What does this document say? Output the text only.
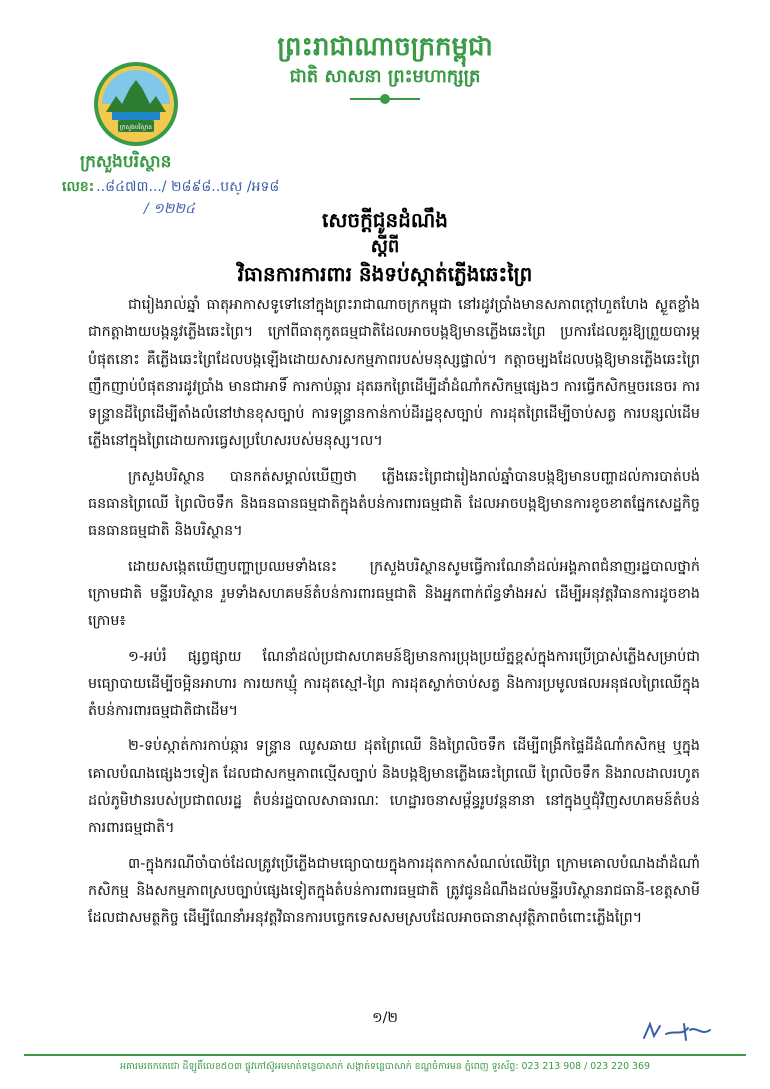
ព្រះរាជាណាចក្រកម្ពុជា
ជាតិ សាសនា ព្រះមហាក្សត្រ
ក្រសួងបរិស្ថាន
ក្រសួងបរិស្ថាន
លេខ: ..៨៤៧៣.../ ២៨៩៨..បស្ /អទ៨
/ ១២២៤	សេចក្តីជូនដំណឹង
ស្តីពី
វិធានការការពារ និងទប់ស្កាត់ភ្លើងឆេះព្រៃ

ជារៀងរាល់ឆ្នាំ ធាតុអាកាសទូទៅនៅក្នុងព្រះរាជាណាចក្រកម្ពុជា នៅរដូវប្រាំងមានសភាពក្តៅហួតហែង ស្ងួតខ្លាំង ជាកត្តាងាយបង្កនូវភ្លើងឆេះព្រៃ។ ក្រៅពីធាតុកូតធម្មជាតិដែលអាចបង្កឱ្យមានភ្លើងឆេះព្រៃ ប្រការដែលគួរឱ្យព្រួយបារម្ភបំផុតនោះ គឺភ្លើងឆេះព្រៃដែលបង្កឡើងដោយសារសកម្មភាពរបស់មនុស្សផ្ទាល់។ កត្តាចម្បងដែលបង្កឱ្យមានភ្លើងឆេះព្រៃញឹកញាប់បំផុតនារដូវប្រាំង មានជាអាទិ៍ ការកាប់ឆ្ការ ដុតឆកព្រៃដើម្បីដាំដំណាំកសិកម្មផ្សេងៗ ការធ្វើកសិកម្មចរនេចរ ការទន្ទ្រានដីព្រៃដើម្បីតាំងលំនៅឋានខុសច្បាប់ ការទន្ទ្រានកាន់កាប់ដីរដ្ឋខុសច្បាប់ ការដុតព្រៃដើម្បីចាប់សត្វ ការបន្សល់ដើមភ្លើងនៅក្នុងព្រៃដោយការធ្វេសប្រហែសរបស់មនុស្ស។ល។

ក្រសួងបរិស្ថាន បានកត់សម្គាល់ឃើញថា ភ្លើងឆេះព្រៃជារៀងរាល់ឆ្នាំបានបង្កឱ្យមានបញ្ហាដល់ការបាត់បង់ធនធានព្រៃឈើ ព្រៃលិចទឹក និងធនធានធម្មជាតិក្នុងតំបន់ការពារធម្មជាតិ ដែលអាចបង្កឱ្យមានការខូចខាតផ្នែកសេដ្ឋកិច្ច ធនធានធម្មជាតិ និងបរិស្ថាន។

ដោយសង្កេតឃើញបញ្ហាប្រឈមទាំងនេះ ក្រសួងបរិស្ថានសូមធ្វើការណែនាំដល់អង្គភាពជំនាញរដ្ឋបាលថ្នាក់ក្រោមជាតិ មន្ទីរបរិស្ថាន រួមទាំងសហគមន៍តំបន់ការពារធម្មជាតិ និងអ្នកពាក់ព័ន្ធទាំងអស់ ដើម្បីអនុវត្តវិធានការដូចខាងក្រោម៖

១-អប់រំ ផ្សព្វផ្សាយ ណែនាំដល់ប្រជាសហគមន៍ឱ្យមានការប្រុងប្រយ័ត្នខ្ពស់ក្នុងការប្រើប្រាស់ភ្លើងសម្រាប់ជាមធ្យោបាយដើម្បីចម្អិនអាហារ ការយកឃ្មុំ ការដុតស្មៅ-ព្រៃ ការដុតស្លាក់ចាប់សត្វ និងការប្រមូលផលអនុផលព្រៃឈើក្នុងតំបន់ការពារធម្មជាតិជាដើម។

២-ទប់ស្កាត់ការកាប់ឆ្ការ ទន្ទ្រាន ឈូសឆាយ ដុតព្រៃឈើ និងព្រៃលិចទឹក ដើម្បីពង្រីកផ្ទៃដីដំណាំកសិកម្ម ឬក្នុងគោលបំណងផ្សេងៗទៀត ដែលជាសកម្មភាពល្មើសច្បាប់ និងបង្កឱ្យមានភ្លើងឆេះព្រៃឈើ ព្រៃលិចទឹក និងរាលដាលរហូតដល់ភូមិឋានរបស់ប្រជាពលរដ្ឋ តំបន់រដ្ឋបាលសាធារណៈ ហេដ្ឋារចនាសម្ព័ន្ធរូបវន្តនានា នៅក្នុងឬជុំវិញសហគមន៍តំបន់ការពារធម្មជាតិ។

៣-ក្នុងករណីចាំបាច់ដែលត្រូវប្រើភ្លើងជាមធ្យោបាយក្នុងការដុតកាកសំណល់ឈើព្រៃ ក្រោមគោលបំណងដាំដំណាំកសិកម្ម និងសកម្មភាពស្របច្បាប់ផ្សេងទៀតក្នុងតំបន់ការពារធម្មជាតិ ត្រូវជូនដំណឹងដល់មន្ទីរបរិស្ថានរាជធានី-ខេត្តសាមី ដែលជាសមត្ថកិច្ច ដើម្បីណែនាំអនុវត្តវិធានការបច្ចេកទេសសមស្របដែលអាចធានាសុវត្ថិភាពចំពោះភ្លើងព្រៃ។

១/២
អគារមរតកតេជោ ដីឡូតិ៍លេខ៥០៣ ផ្លូវកៅស៊ូអមមាត់ទន្លេបាសាក់ សង្កាត់ទន្លេបាសាក់ ខណ្ឌចំការមន ភ្នំពេញ ទូរស័ព្ទ: 023 213 908 / 023 220 369
